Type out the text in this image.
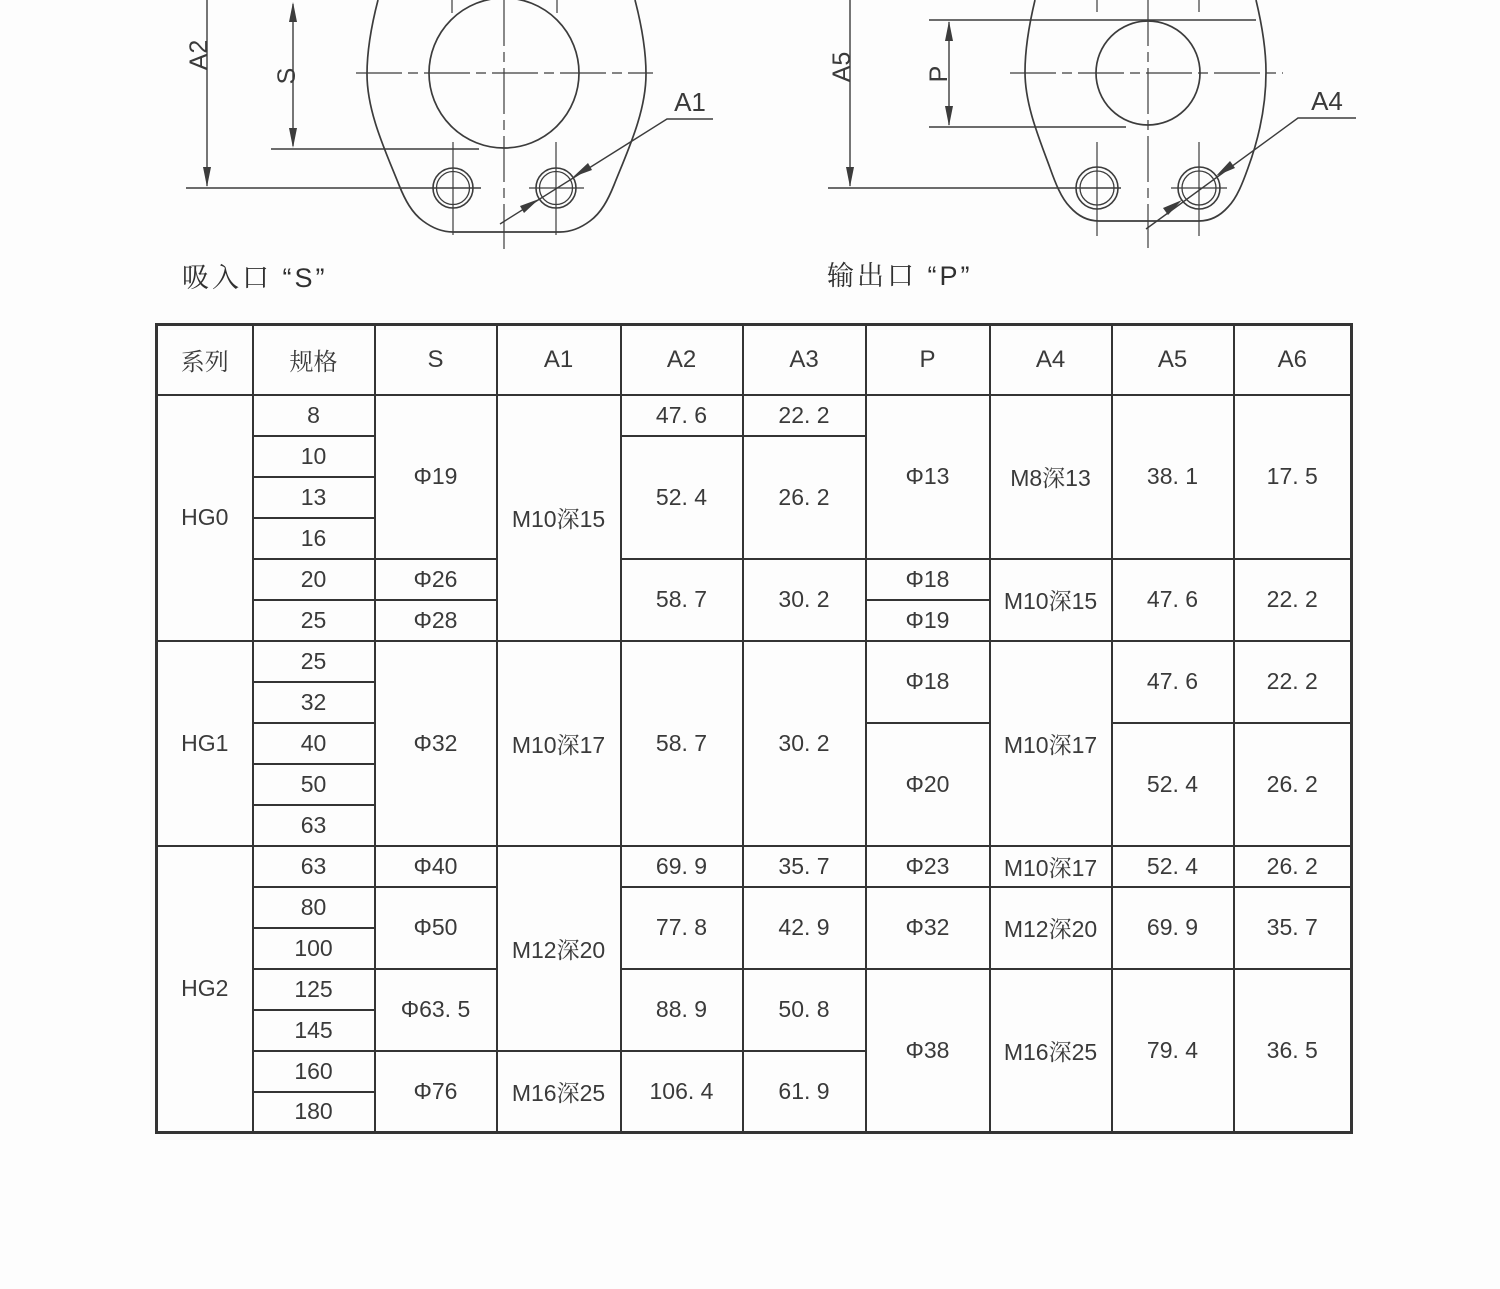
A2
S
A1
A5	P
A4
吸入口 “S”	输出口 “P”
系列	规格	S	A1	A2	A3	P	A4	A5	A6
HG0	8	Φ19	M10深15	47. 6	22. 2	Φ13	M8深13	38. 1	17. 5
	10			52. 4	26. 2				
	13								
	16								
	20	Φ26		58. 7	30. 2	Φ18	M10深15	47. 6	22. 2
	25	Φ28				Φ19			
HG1	25	Φ32	M10深17	58. 7	30. 2	Φ18	M10深17	47. 6	22. 2
	32								
	40					Φ20		52. 4	26. 2
	50								
	63								
HG2	63	Φ40	M12深20	69. 9	35. 7	Φ23	M10深17	52. 4	26. 2
	80	Φ50		77. 8	42. 9	Φ32	M12深20	69. 9	35. 7
	100								
	125	Φ63. 5		88. 9	50. 8	Φ38	M16深25	79. 4	36. 5
	145								
	160	Φ76	M16深25	106. 4	61. 9				
	180								
